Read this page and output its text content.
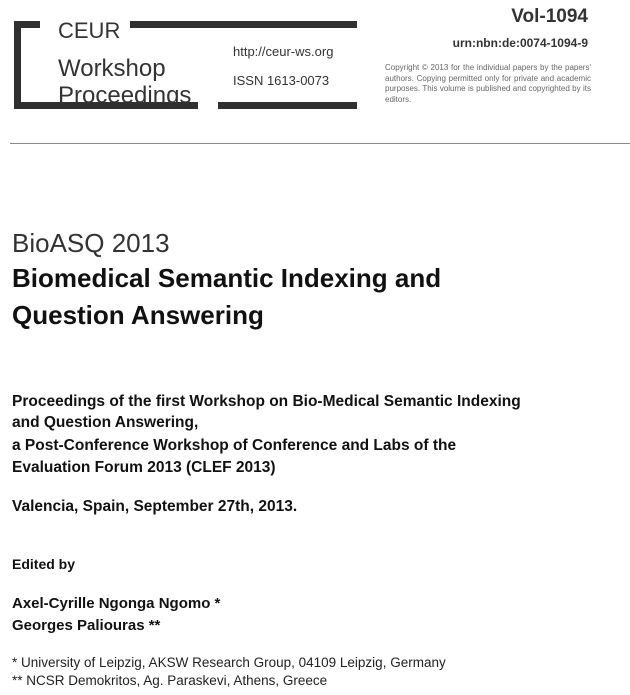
CEUR
Workshop
Proceedings
http://ceur-ws.org
ISSN 1613-0073
Vol-1094
urn:nbn:de:0074-1094-9
Copyright © 2013 for the individual papers by the papers' authors. Copying permitted only for private and academic purposes. This volume is published and copyrighted by its editors.
BioASQ 2013
Biomedical Semantic Indexing and
Question Answering
Proceedings of the first Workshop on Bio-Medical Semantic Indexing
and Question Answering,
a Post-Conference Workshop of Conference and Labs of the
Evaluation Forum 2013 (CLEF 2013)
Valencia, Spain, September 27th, 2013.
Edited by
Axel-Cyrille Ngonga Ngomo *
Georges Paliouras **
* University of Leipzig, AKSW Research Group, 04109 Leipzig, Germany
** NCSR Demokritos, Ag. Paraskevi, Athens, Greece
